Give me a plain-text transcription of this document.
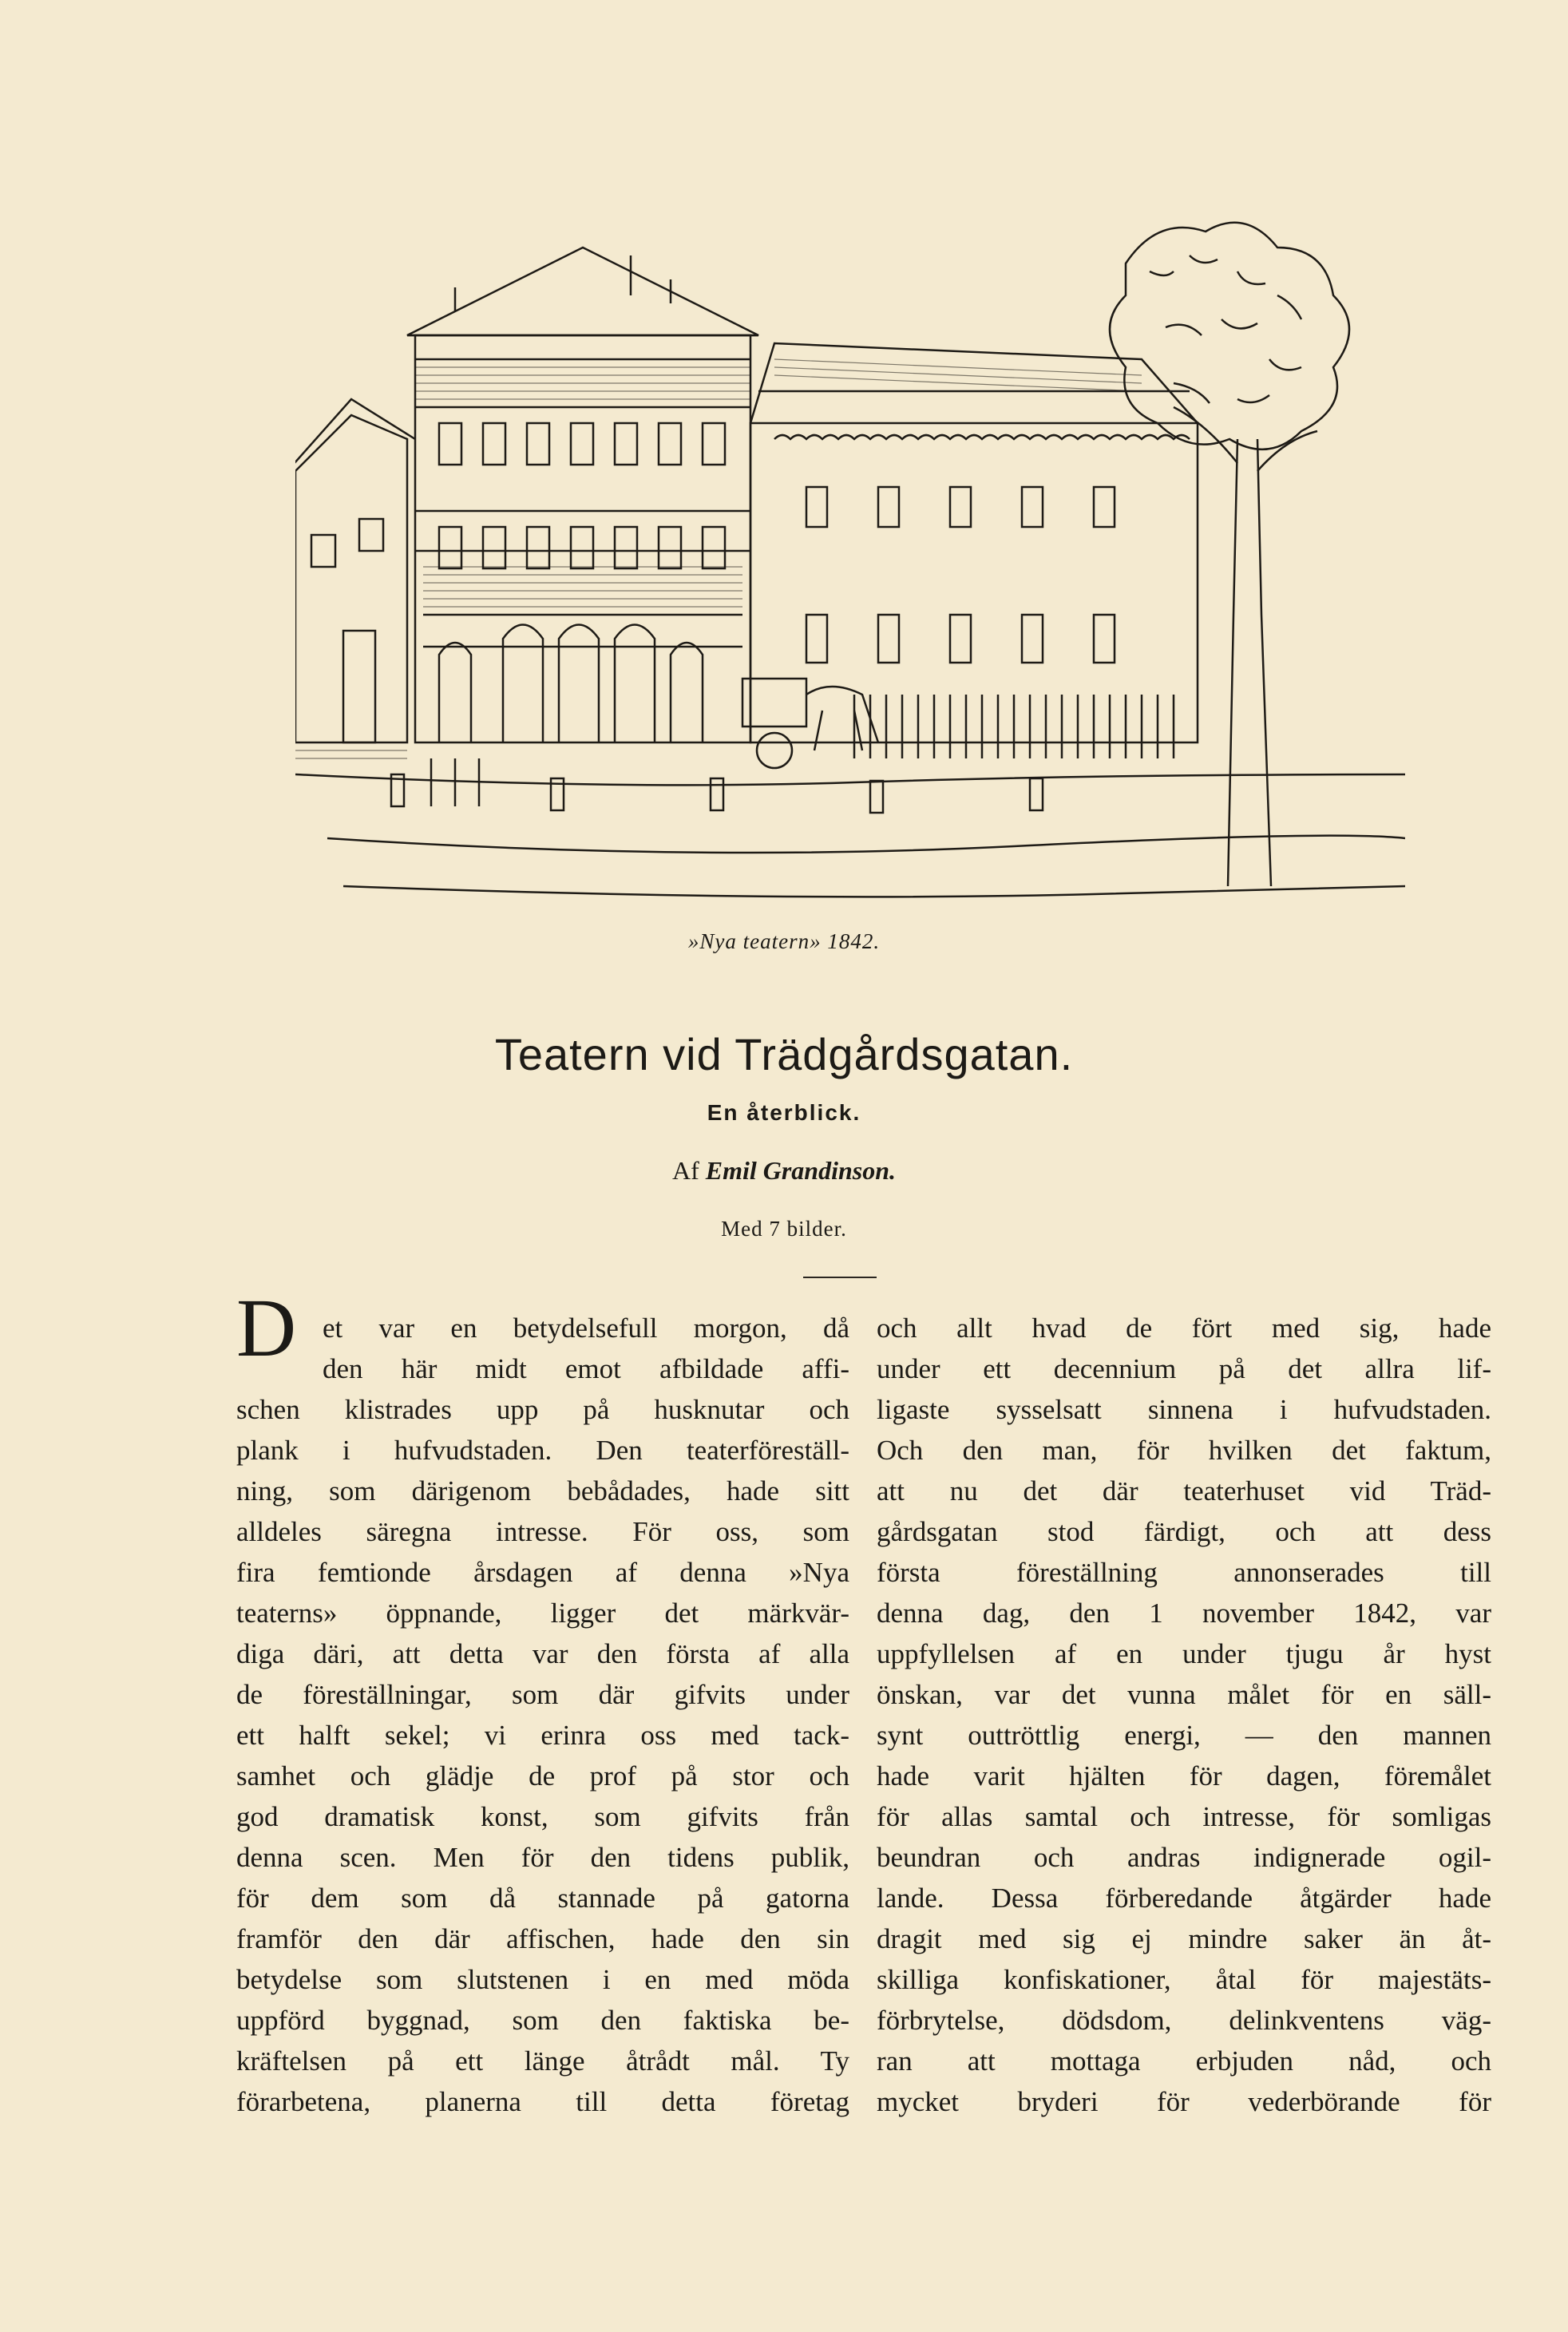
»Nya teatern» 1842.
Teatern vid Trädgårdsgatan.
En återblick.
Af Emil Grandinson.
Med 7 bilder.
D et var en betydelsefull morgon, då
den här midt emot afbildade affi-
schen klistrades upp på husknutar och
plank i hufvudstaden. Den teaterföreställ-
ning, som därigenom bebådades, hade sitt
alldeles säregna intresse. För oss, som
fira femtionde årsdagen af denna »Nya
teaterns» öppnande, ligger det märkvär-
diga däri, att detta var den första af alla
de föreställningar, som där gifvits under
ett halft sekel; vi erinra oss med tack-
samhet och glädje de prof på stor och
god dramatisk konst, som gifvits från
denna scen. Men för den tidens publik,
för dem som då stannade på gatorna
framför den där affischen, hade den sin
betydelse som slutstenen i en med möda
uppförd byggnad, som den faktiska be-
kräftelsen på ett länge åtrådt mål. Ty
förarbetena, planerna till detta företag
och allt hvad de fört med sig, hade
under ett decennium på det allra lif-
ligaste sysselsatt sinnena i hufvudstaden.
Och den man, för hvilken det faktum,
att nu det där teaterhuset vid Träd-
gårdsgatan stod färdigt, och att dess
första föreställning annonserades till
denna dag, den 1 november 1842, var
uppfyllelsen af en under tjugu år hyst
önskan, var det vunna målet för en säll-
synt outtröttlig energi, — den mannen
hade varit hjälten för dagen, föremålet
för allas samtal och intresse, för somligas
beundran och andras indignerade ogil-
lande. Dessa förberedande åtgärder hade
dragit med sig ej mindre saker än åt-
skilliga konfiskationer, åtal för majestäts-
förbrytelse, dödsdom, delinkventens väg-
ran att mottaga erbjuden nåd, och
mycket bryderi för vederbörande för
